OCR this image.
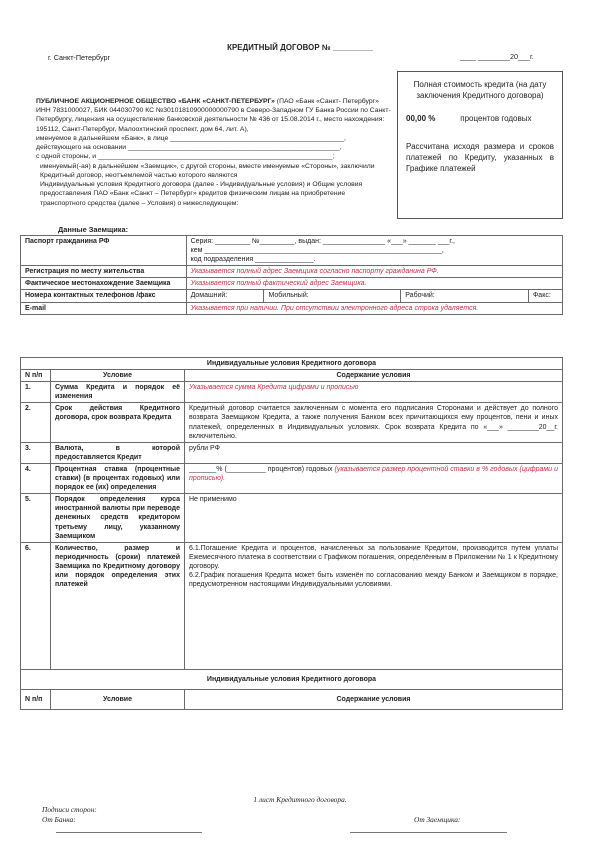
КРЕДИТНЫЙ ДОГОВОР № _________
г. Санкт-Петербург	____ ________20___г.

ПУБЛИЧНОЕ АКЦИОНЕРНОЕ ОБЩЕСТВО «БАНК «САНКТ-ПЕТЕРБУРГ» (ПАО «Банк «Санкт- Петербург» ИНН 7831000027, БИК 044030790 КС №30101810900000000790 в Северо-Западном ГУ Банка России по Санкт-Петербургу, лицензия на осуществление банковской деятельности № 436 от 15.08.2014 г., место нахождения: 195112, Санкт-Петербург, Малоохтинский проспект, дом 64, лит. А),

именуемое в дальнейшем «Банк», в лице ______________________________________________,

действующего на основании ________________________________________________________,

с одной стороны, и ______________________________________________________________;

именуемый(-ая) в дальнейшем «Заемщик», с другой стороны, вместе именуемые «Стороны», заключили Кредитный договор, неотъемлемой частью которого являются

Индивидуальные условия Кредитного договора (далее - Индивидуальные условия) и Общие условия предоставления ПАО «Банк «Санкт – Петербург» кредитов физическим лицам на приобретение транспортного средства (далее – Условия) о нижеследующем:

Полная стоимость кредита (на дату заключения Кредитного договора)
00,00 %	процентов годовых
Рассчитана исходя размера и сроков платежей по Кредиту, указанных в Графике платежей
Данные Заемщика:
Паспорт гражданина РФ	Серия: _________ №_________, выдан: ________________ «___» _______ ___г.,
кем _____________________________________________________________,
код подразделения _______________.			

Регистрация по месту жительства	Указывается полный адрес Заемщика согласно паспорту гражданина РФ.			
Фактическое местонахождение Заемщика	Указывается полный фактический адрес Заемщика.			
Номера контактных телефонов /факс	Домашний:	Мобильный:	Рабочий:	Факс:
E-mail	Указывается при наличии. При отсутствии электронного адреса строка удаляется.			
Индивидуальные условия Кредитного договора		
N п/п	Условие	Содержание условия
1.	Сумма Кредита и порядок её изменения	Указывается сумма Кредита цифрами и прописью
2.	Срок действия Кредитного договора, срок возврата Кредита	Кредитный договор считается заключенным с момента его подписания Сторонами и действует до полного возврата Заемщиком Кредита, а также получения Банком всех причитающихся ему процентов, пени и иных платежей, определенных в Индивидуальных условиях. Срок возврата Кредита по «___» ________20__г. включительно.
3.	Валюта, в которой предоставляется Кредит	рубли РФ
4.	Процентная ставка (процентные ставки) (в процентах годовых) или порядок ее (их) определения	_______% (__________ процентов) годовых (указывается размер процентной ставки в % годовых (цифрами и прописью).
5.	Порядок определения курса иностранной валюты при переводе денежных средств кредитором третьему лицу, указанному Заемщиком	Не применимо
6.	Количество, размер и периодичность (сроки) платежей Заемщика по Кредитному договору или порядок определения этих платежей	6.1.Погашение Кредита и процентов, начисленных за пользование Кредитом, производится путем уплаты Ежемесячного платежа в соответствии с Графиком погашения, определённым в Приложении № 1 к Кредитному договору.
6.2.График погашения Кредита может быть изменён по согласованию между Банком и Заемщиком в порядке, предусмотренном настоящими Индивидуальными условиями.

Индивидуальные условия Кредитного договора		
N п/п	Условие	Содержание условия
1 лист Кредитного договора.
Подписи сторон:
От Банка:	От Заемщика:
